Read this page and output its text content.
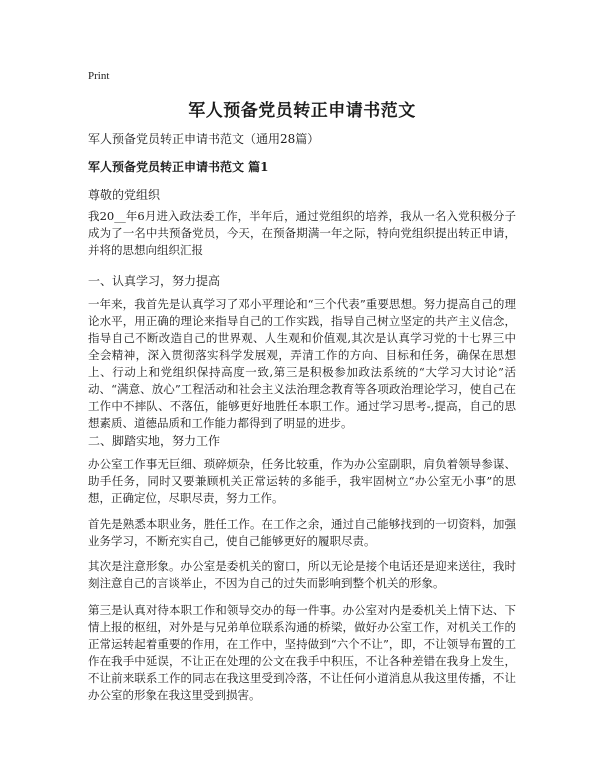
Print
军人预备党员转正申请书范文

军人预备党员转正申请书范文（通用28篇）

军人预备党员转正申请书范文 篇1

尊敬的党组织

我20__年6月进入政法委工作，半年后，通过党组织的培养，我从一名入党积极分子成为了一名中共预备党员，今天，在预备期满一年之际，特向党组织提出转正申请，并将的思想向组织汇报

一、认真学习，努力提高

一年来，我首先是认真学习了邓小平理论和“三个代表”重要思想。努力提高自己的理论水平，用正确的理论来指导自己的工作实践，指导自己树立坚定的共产主义信念，指导自己不断改造自己的世界观、人生观和价值观,其次是认真学习党的十七界三中全会精神，深入贯彻落实科学发展观，弄清工作的方向、目标和任务，确保在思想上、行动上和党组织保持高度一致,第三是积极参加政法系统的“大学习大讨论”活动、“满意、放心”工程活动和社会主义法治理念教育等各项政治理论学习，使自己在工作中不摔队、不落伍，能够更好地胜任本职工作。通过学习思考-,提高，自己的思想素质、道德品质和工作能力都得到了明显的进步。

二、脚踏实地，努力工作

办公室工作事无巨细、琐碎烦杂，任务比较重，作为办公室副职，肩负着领导参谋、助手任务，同时又要兼顾机关正常运转的多能手，我牢固树立“办公室无小事”的思想，正确定位，尽职尽责，努力工作。

首先是熟悉本职业务，胜任工作。在工作之余，通过自己能够找到的一切资料，加强业务学习，不断充实自己，使自己能够更好的履职尽责。

其次是注意形象。办公室是委机关的窗口，所以无论是接个电话还是迎来送往，我时刻注意自己的言谈举止，不因为自己的过失而影响到整个机关的形象。

第三是认真对待本职工作和领导交办的每一件事。办公室对内是委机关上情下达、下情上报的枢纽，对外是与兄弟单位联系沟通的桥梁，做好办公室工作，对机关工作的正常运转起着重要的作用，在工作中，坚持做到“六个不让”，即，不让领导布置的工作在我手中延误，不让正在处理的公文在我手中积压，不让各种差错在我身上发生，不让前来联系工作的同志在我这里受到冷落，不让任何小道消息从我这里传播，不让办公室的形象在我这里受到损害。
